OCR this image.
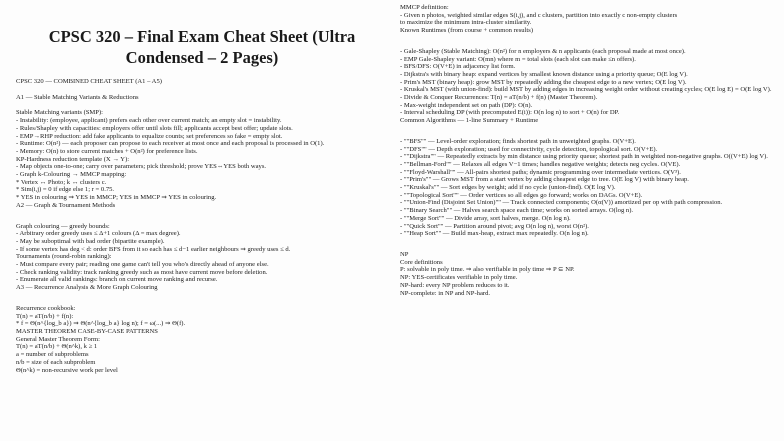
CPSC 320 – Final Exam Cheat Sheet (Ultra Condensed – 2 Pages)
CPSC 320 — COMBINED CHEAT SHEET (A1 – A5)
A1 — Stable Matching Variants & Reductions
Stable Matching variants (SMP):
- Instability: (employee, applicant) prefers each other over current match; an empty slot = instability.
- Rules/Shapley with capacities: employers offer until slots fill; applicants accept best offer; update slots.
- EMP→RHP reduction: add fake applicants to equalize counts; set preferences so fake = empty slot.
- Runtime: O(n²) — each proposer can propose to each receiver at most once and each proposal is processed in O(1).
- Memory: O(n) to store current matches + O(n²) for preference lists.
KP-Hardness reduction template (X → Y):
- Map objects one-to-one; carry over parameters; pick threshold; prove YES⇔YES both ways.
- Graph k-Colouring → MMCP mapping:
* Vertex ↔ Photo; k ↔ clusters c.
* Sim(i,j) = 0 if edge else 1; r = 0.75.
* YES in colouring ⇒ YES in MMCP; YES in MMCP ⇒ YES in colouring.
A2 — Graph & Tournament Methods
Graph colouring — greedy bounds:
- Arbitrary order greedy uses ≤ Δ+1 colours (Δ = max degree).
- May be suboptimal with bad order (bipartite example).
- If some vertex has deg < d: order BFS from it so each has ≤ d−1 earlier neighbours ⇒ greedy uses ≤ d.
Tournaments (round-robin ranking):
- Must compare every pair; reading one game can't tell you who's directly ahead of anyone else.
- Check ranking validity: track ranking greedy such as most have current move before deletion.
- Enumerate all valid rankings: branch on current move ranking and recurse.
A3 — Recurrence Analysis & More Graph Colouring
Recurrence cookbook:
T(n) = aT(n/b) + f(n):
* f = Θ(n^{log_b a}) ⇒ Θ(n^{log_b a} log n); f = ω(...) ⇒ Θ(f).
MASTER THEOREM CASE-BY-CASE PATTERNS
General Master Theorem Form:
T(n) = aT(n/b) + Θ(n^k), k ≥ 1
a = number of subproblems
n/b = size of each subproblem
Θ(n^k) = non-recursive work per level
MMCP definition:
- Given n photos, weighted similar edges S(i,j), and c clusters, partition into exactly c non-empty clusters
to maximize the minimum intra-cluster similarity.
Known Runtimes (from course + common results)
- Gale-Shapley (Stable Matching): O(n²) for n employers & n applicants (each proposal made at most once).
- EMP Gale-Shapley variant: O(mn) where m = total slots (each slot can make ≤n offers).
- BFS/DFS: O(V+E) in adjacency list form.
- Dijkstra's with binary heap: expand vertices by smallest known distance using a priority queue; O(E log V).
- Prim's MST (binary heap): grow MST by repeatedly adding the cheapest edge to a new vertex; O(E log V).
- Kruskal's MST (with union-find): build MST by adding edges in increasing weight order without creating cycles; O(E log E) = O(E log V).
- Divide & Conquer Recurrences: T(n) = aT(n/b) + f(n) (Master Theorem).
- Max-weight independent set on path (DP): O(n).
- Interval scheduling DP (with precomputed E(i)): O(n log n) to sort + O(n) for DP.
Common Algorithms — 1-line Summary + Runtime
- ""BFS"" — Level-order exploration; finds shortest path in unweighted graphs. O(V+E).
- ""DFS"" — Depth exploration; used for connectivity, cycle detection, topological sort. O(V+E).
- ""Dijkstra"" — Repeatedly extracts by min distance using priority queue; shortest path in weighted non-negative graphs. O((V+E) log V).
- ""Bellman-Ford"" — Relaxes all edges V−1 times; handles negative weights; detects neg cycles. O(VE).
- ""Floyd-Warshall"" — All-pairs shortest paths; dynamic programming over intermediate vertices. O(V³).
- ""Prim's"" — Grows MST from a start vertex by adding cheapest edge to tree. O(E log V) with binary heap.
- ""Kruskal's"" — Sort edges by weight; add if no cycle (union-find). O(E log V).
- ""Topological Sort"" — Order vertices so all edges go forward; works on DAGs. O(V+E).
- ""Union-Find (Disjoint Set Union)"" — Track connected components; O(α(V)) amortized per op with path compression.
- ""Binary Search"" — Halves search space each time; works on sorted arrays. O(log n).
- ""Merge Sort"" — Divide array, sort halves, merge. O(n log n).
- ""Quick Sort"" — Partition around pivot; avg O(n log n), worst O(n²).
- ""Heap Sort"" — Build max-heap, extract max repeatedly. O(n log n).
NP
Core definitions
P: solvable in poly time. ⇒ also verifiable in poly time ⇒ P ⊆ NP.
NP: YES-certificates verifiable in poly time.
NP-hard: every NP problem reduces to it.
NP-complete: in NP and NP-hard.
